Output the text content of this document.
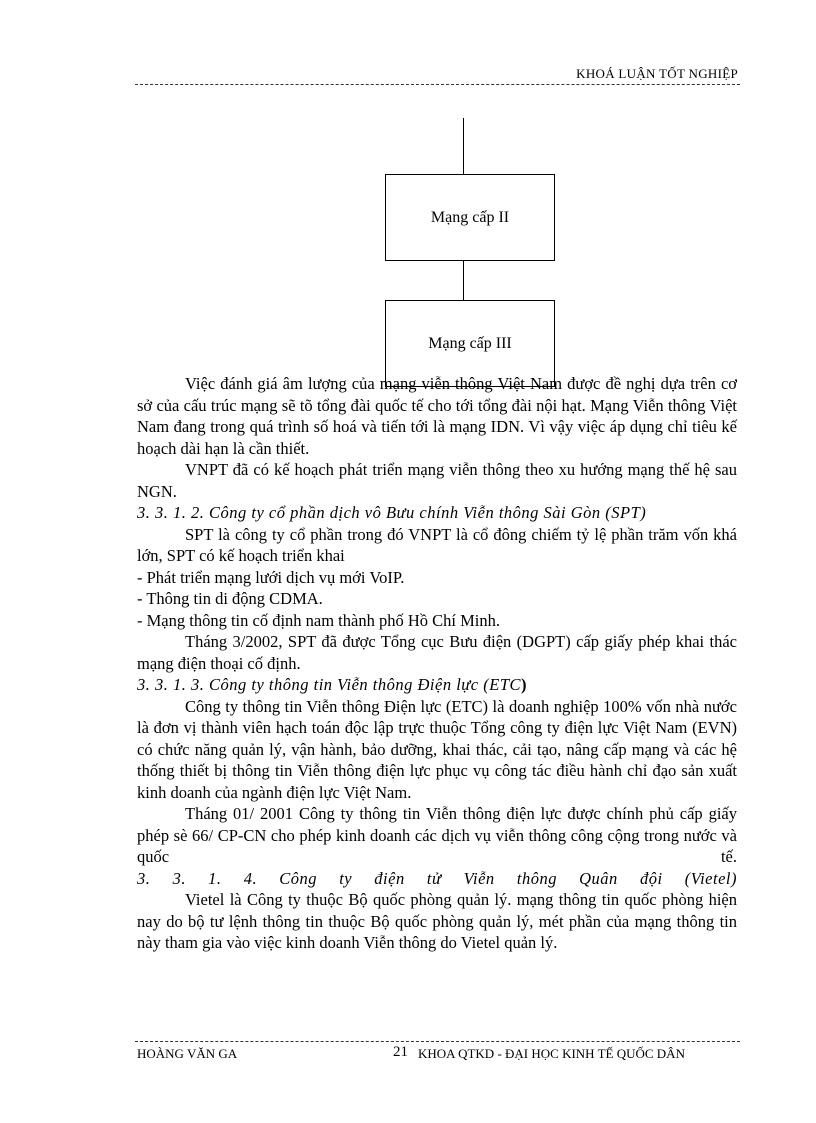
KHOÁ LUẬN TỐT NGHIỆP
Mạng cấp II
Mạng cấp III

Việc đánh giá âm lượng của mạng viễn thông Việt Nam được đề nghị dựa trên cơ sở của cấu trúc mạng sẽ tõ tổng đài quốc tế cho tới tổng đài nội hạt. Mạng Viễn thông Việt Nam đang trong quá trình số hoá và tiến tới là mạng IDN. Vì vậy việc áp dụng chỉ tiêu kế hoạch dài hạn là cần thiết.

VNPT đã có kế hoạch phát triển mạng viễn thông theo xu hướng mạng thế hệ sau NGN.

3. 3. 1. 2. Công ty cổ phần dịch vô Bưu chính Viễn thông Sài Gòn (SPT)

SPT là công ty cổ phần trong đó VNPT là cổ đông chiếm tỷ lệ phần trăm vốn khá lớn, SPT có kế hoạch triển khai

- Phát triển mạng lưới dịch vụ mới VoIP.

- Thông tin di động CDMA.

- Mạng thông tin cố định nam thành phố Hồ Chí Minh.

Tháng 3/2002, SPT đã được Tổng cục Bưu điện (DGPT) cấp giấy phép khai thác mạng điện thoại cố định.

3. 3. 1. 3. Công ty thông tin Viễn thông Điện lực (ETC)

Công ty thông tin Viễn thông Điện lực (ETC) là doanh nghiệp 100% vốn nhà nước là đơn vị thành viên hạch toán độc lập trực thuộc Tổng công ty điện lực Việt Nam (EVN) có chức năng quản lý, vận hành, bảo dưỡng, khai thác, cải tạo, nâng cấp mạng và các hệ thống thiết bị thông tin Viễn thông điện lực phục vụ công tác điều hành chỉ đạo sản xuất kinh doanh của ngành điện lực Việt Nam.

Tháng 01/ 2001 Công ty thông tin Viễn thông điện lực được chính phủ cấp giấy phép sè 66/ CP-CN cho phép kinh doanh các dịch vụ viễn thông công cộng trong nước và quốc tế.

3. 3. 1. 4. Công ty điện tử Viễn thông Quân đội (Vietel)

Vietel là Công ty thuộc Bộ quốc phòng quản lý. mạng thông tin quốc phòng hiện nay do bộ tư lệnh thông tin thuộc Bộ quốc phòng quản lý, mét phần của mạng thông tin này tham gia vào việc kinh doanh Viễn thông do Vietel quản lý.

HOÀNG VĂN GA	21 KHOA QTKD - ĐẠI HỌC KINH TẾ QUỐC DÂN
